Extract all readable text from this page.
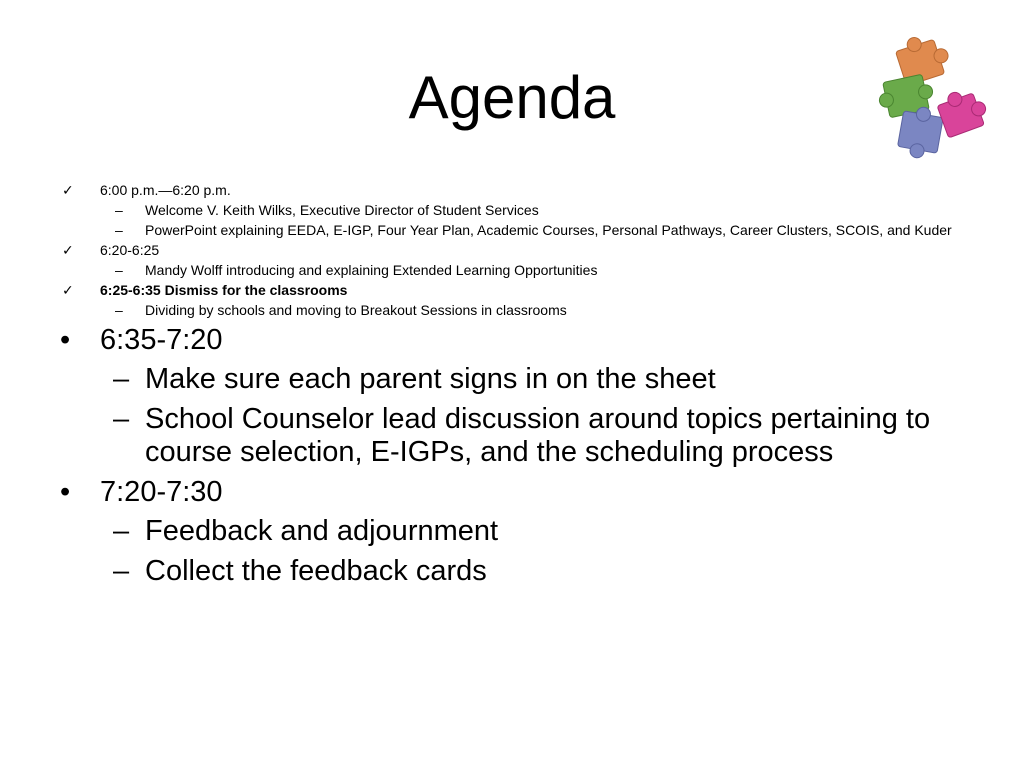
Agenda
✓ 6:00 p.m.—6:20 p.m.
– Welcome V. Keith Wilks, Executive Director of Student Services
– PowerPoint explaining EEDA, E-IGP, Four Year Plan, Academic Courses, Personal Pathways, Career Clusters, SCOIS, and Kuder
✓ 6:20-6:25
– Mandy Wolff introducing and explaining Extended Learning Opportunities
✓ 6:25-6:35 Dismiss for the classrooms
– Dividing by schools and moving to Breakout Sessions in classrooms
• 6:35-7:20
– Make sure each parent signs in on the sheet
– School Counselor lead discussion around topics pertaining to course selection, E-IGPs, and the scheduling process
• 7:20-7:30
– Feedback and adjournment
– Collect the feedback cards
